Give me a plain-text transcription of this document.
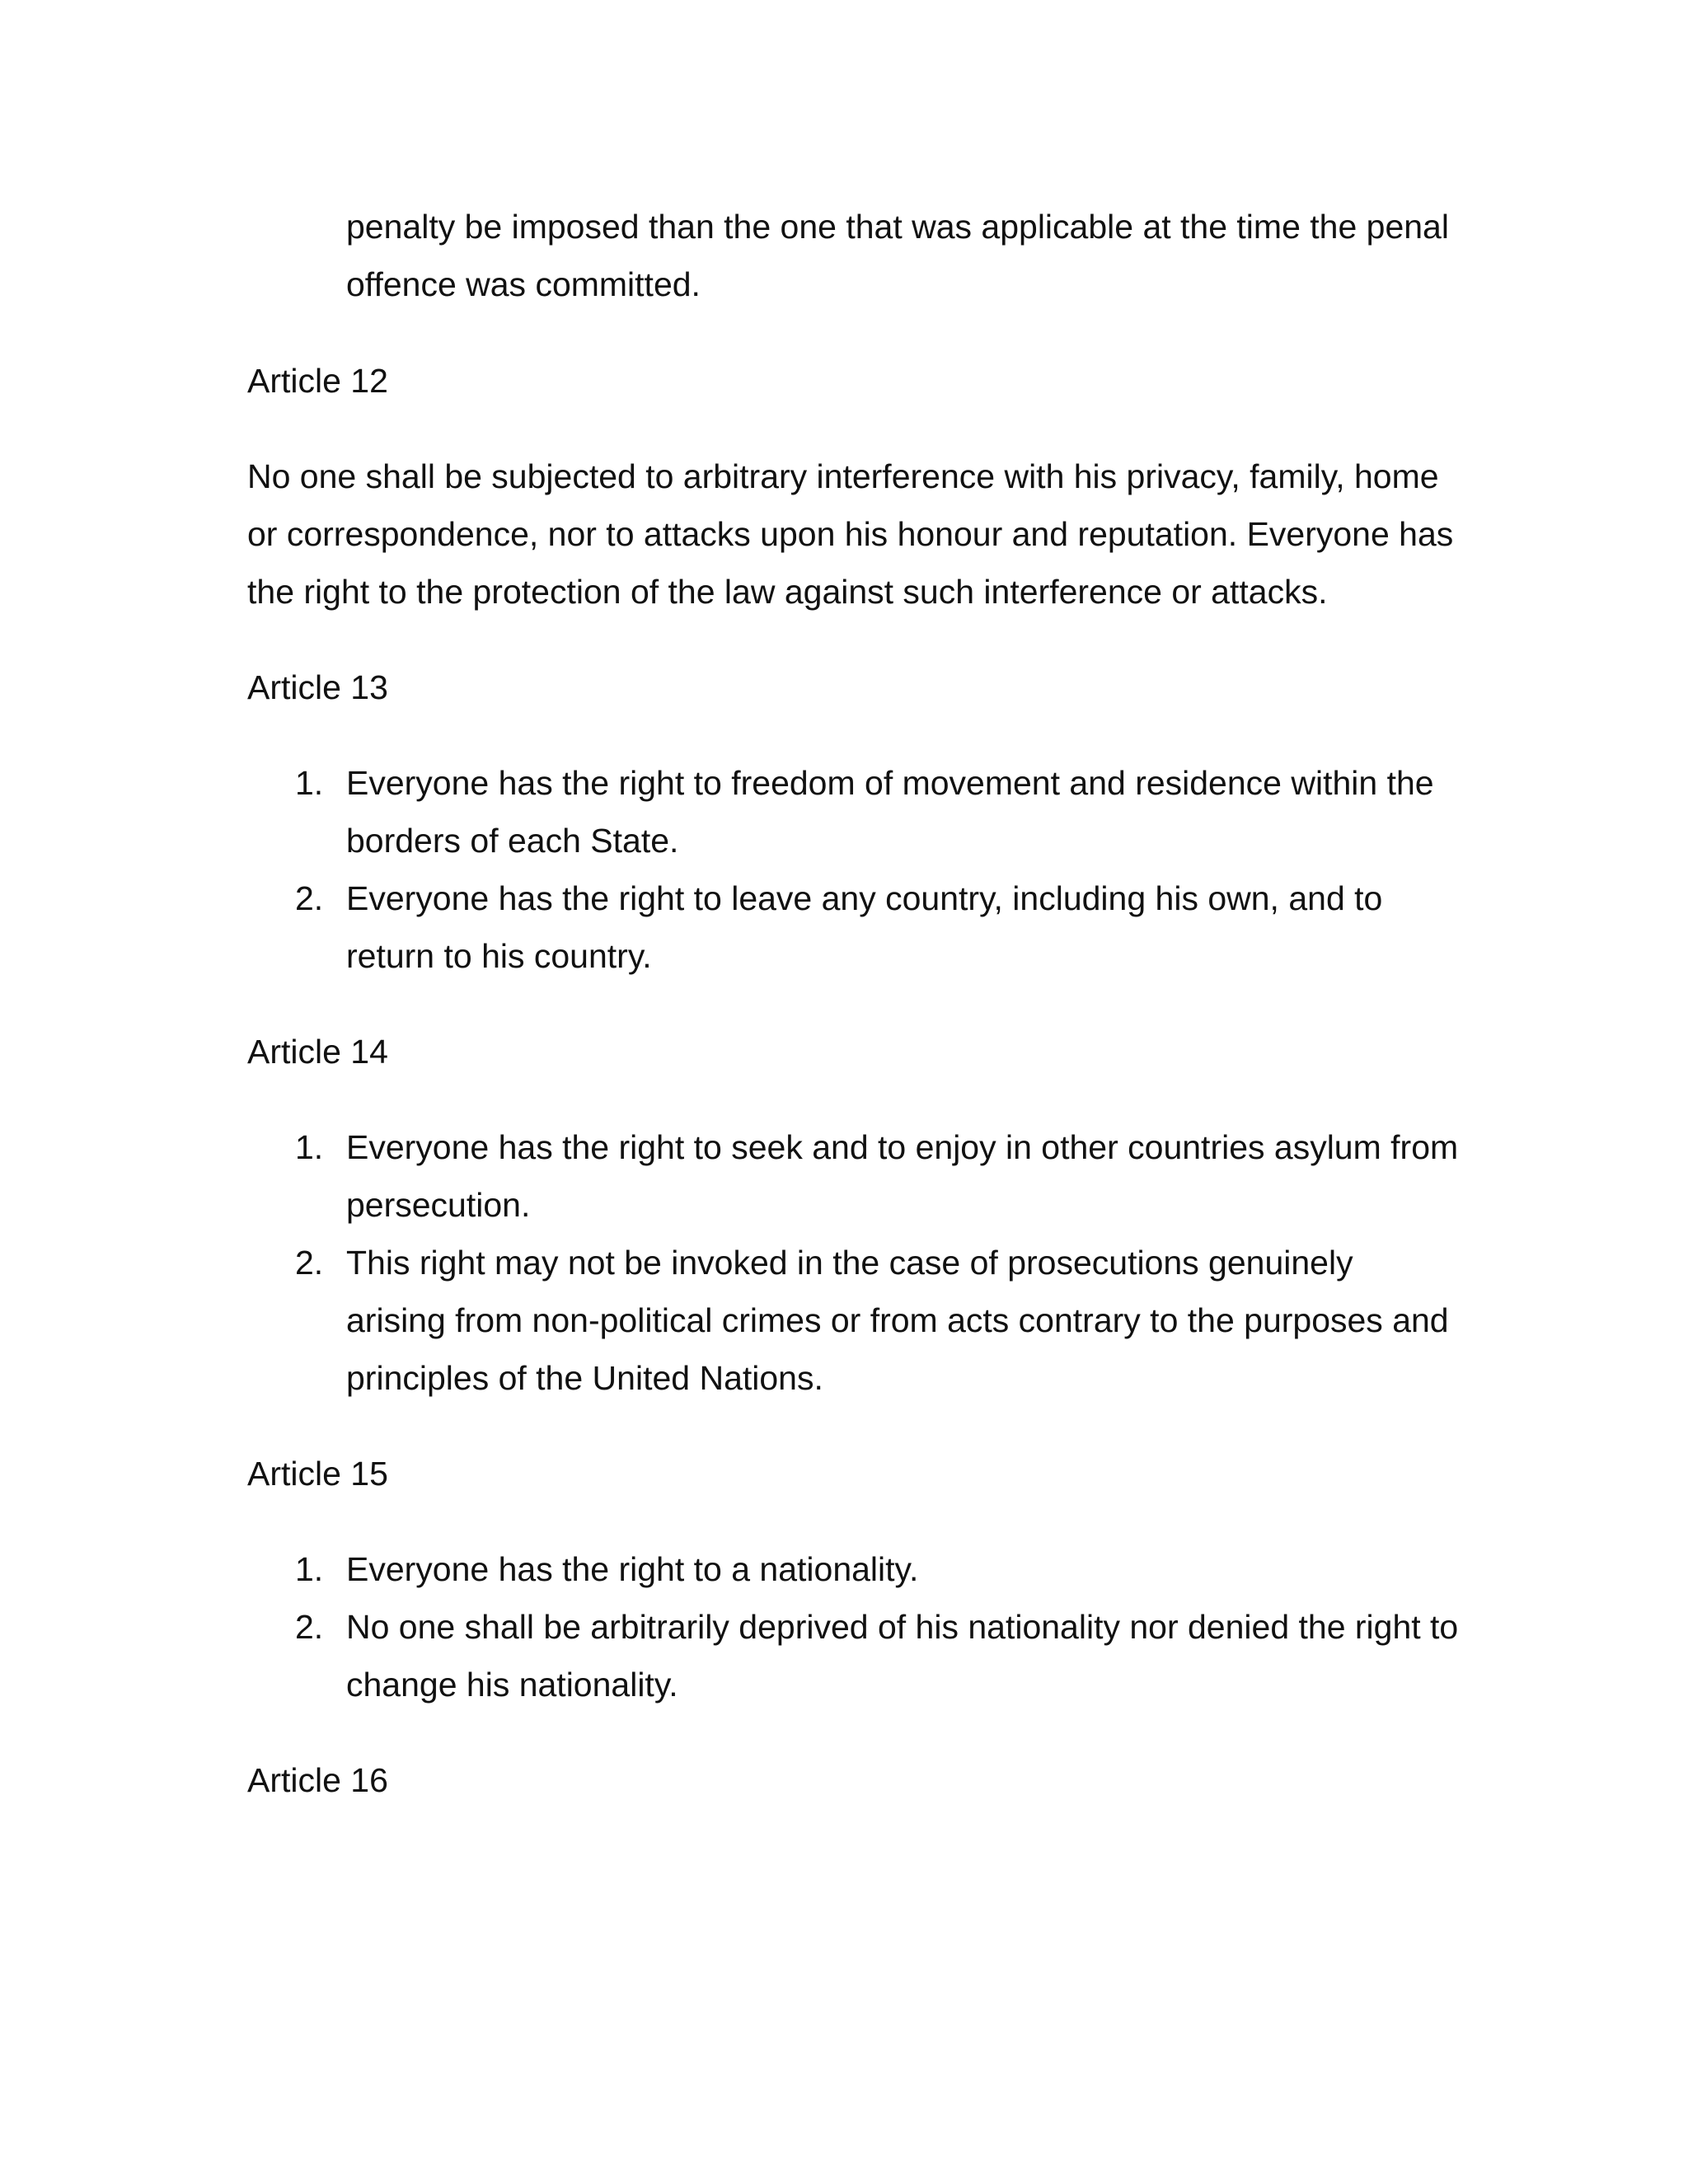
penalty be imposed than the one that was applicable at the time the penal
offence was committed.
Article 12
No one shall be subjected to arbitrary interference with his privacy, family, home
or correspondence, nor to attacks upon his honour and reputation. Everyone has
the right to the protection of the law against such interference or attacks.
Article 13
1. Everyone has the right to freedom of movement and residence within the
borders of each State.
2. Everyone has the right to leave any country, including his own, and to
return to his country.
Article 14
1. Everyone has the right to seek and to enjoy in other countries asylum from
persecution.
2. This right may not be invoked in the case of prosecutions genuinely
arising from non-political crimes or from acts contrary to the purposes and
principles of the United Nations.
Article 15
1. Everyone has the right to a nationality.
2. No one shall be arbitrarily deprived of his nationality nor denied the right to
change his nationality.
Article 16
